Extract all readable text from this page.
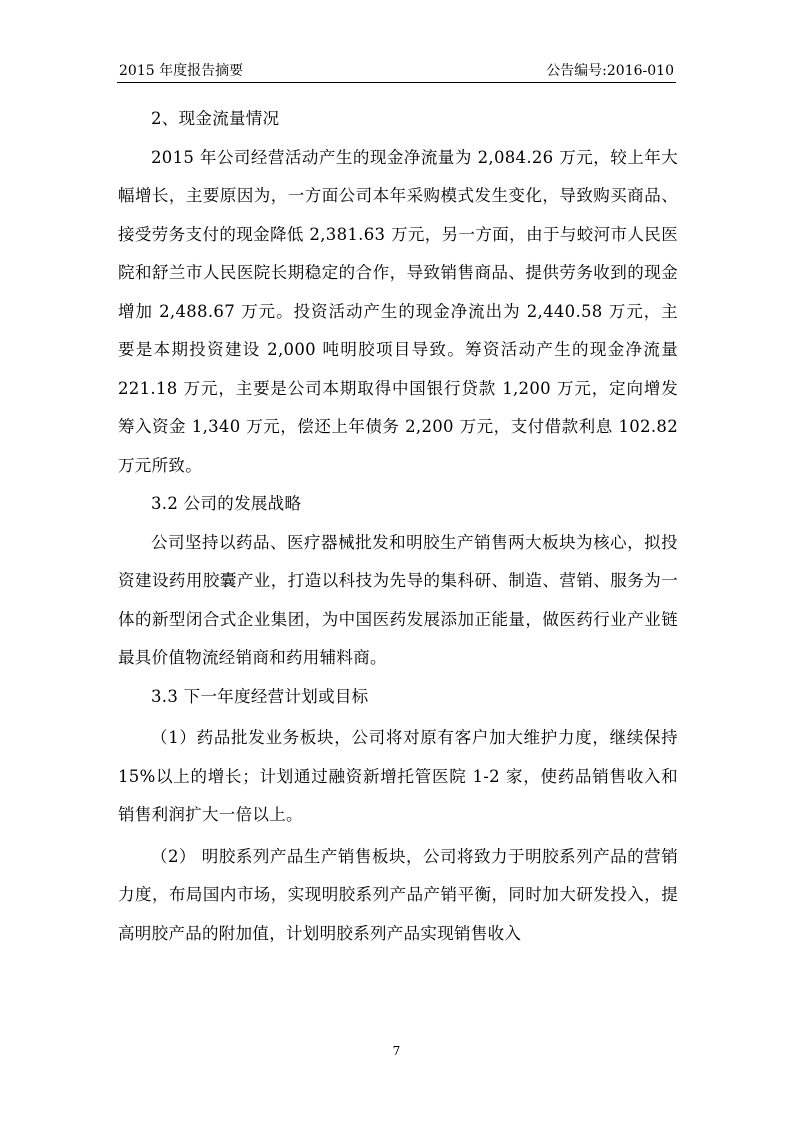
2015 年度报告摘要	公告编号:2016-010

2、现金流量情况

2015 年公司经营活动产生的现金净流量为 2,084.26 万元，较上年大幅增长，主要原因为，一方面公司本年采购模式发生变化，导致购买商品、接受劳务支付的现金降低 2,381.63 万元，另一方面，由于与蛟河市人民医院和舒兰市人民医院长期稳定的合作，导致销售商品、提供劳务收到的现金增加 2,488.67 万元。投资活动产生的现金净流出为 2,440.58 万元，主要是本期投资建设 2,000 吨明胶项目导致。筹资活动产生的现金净流量 221.18 万元，主要是公司本期取得中国银行贷款 1,200 万元，定向增发筹入资金 1,340 万元，偿还上年债务 2,200 万元，支付借款利息 102.82 万元所致。

3.2 公司的发展战略

公司坚持以药品、医疗器械批发和明胶生产销售两大板块为核心，拟投资建设药用胶囊产业，打造以科技为先导的集科研、制造、营销、服务为一体的新型闭合式企业集团，为中国医药发展添加正能量，做医药行业产业链最具价值物流经销商和药用辅料商。

3.3 下一年度经营计划或目标

（1）药品批发业务板块，公司将对原有客户加大维护力度，继续保持 15%以上的增长；计划通过融资新增托管医院 1-2 家，使药品销售收入和销售利润扩大一倍以上。

（2） 明胶系列产品生产销售板块，公司将致力于明胶系列产品的营销力度，布局国内市场，实现明胶系列产品产销平衡，同时加大研发投入，提高明胶产品的附加值，计划明胶系列产品实现销售收入

7
